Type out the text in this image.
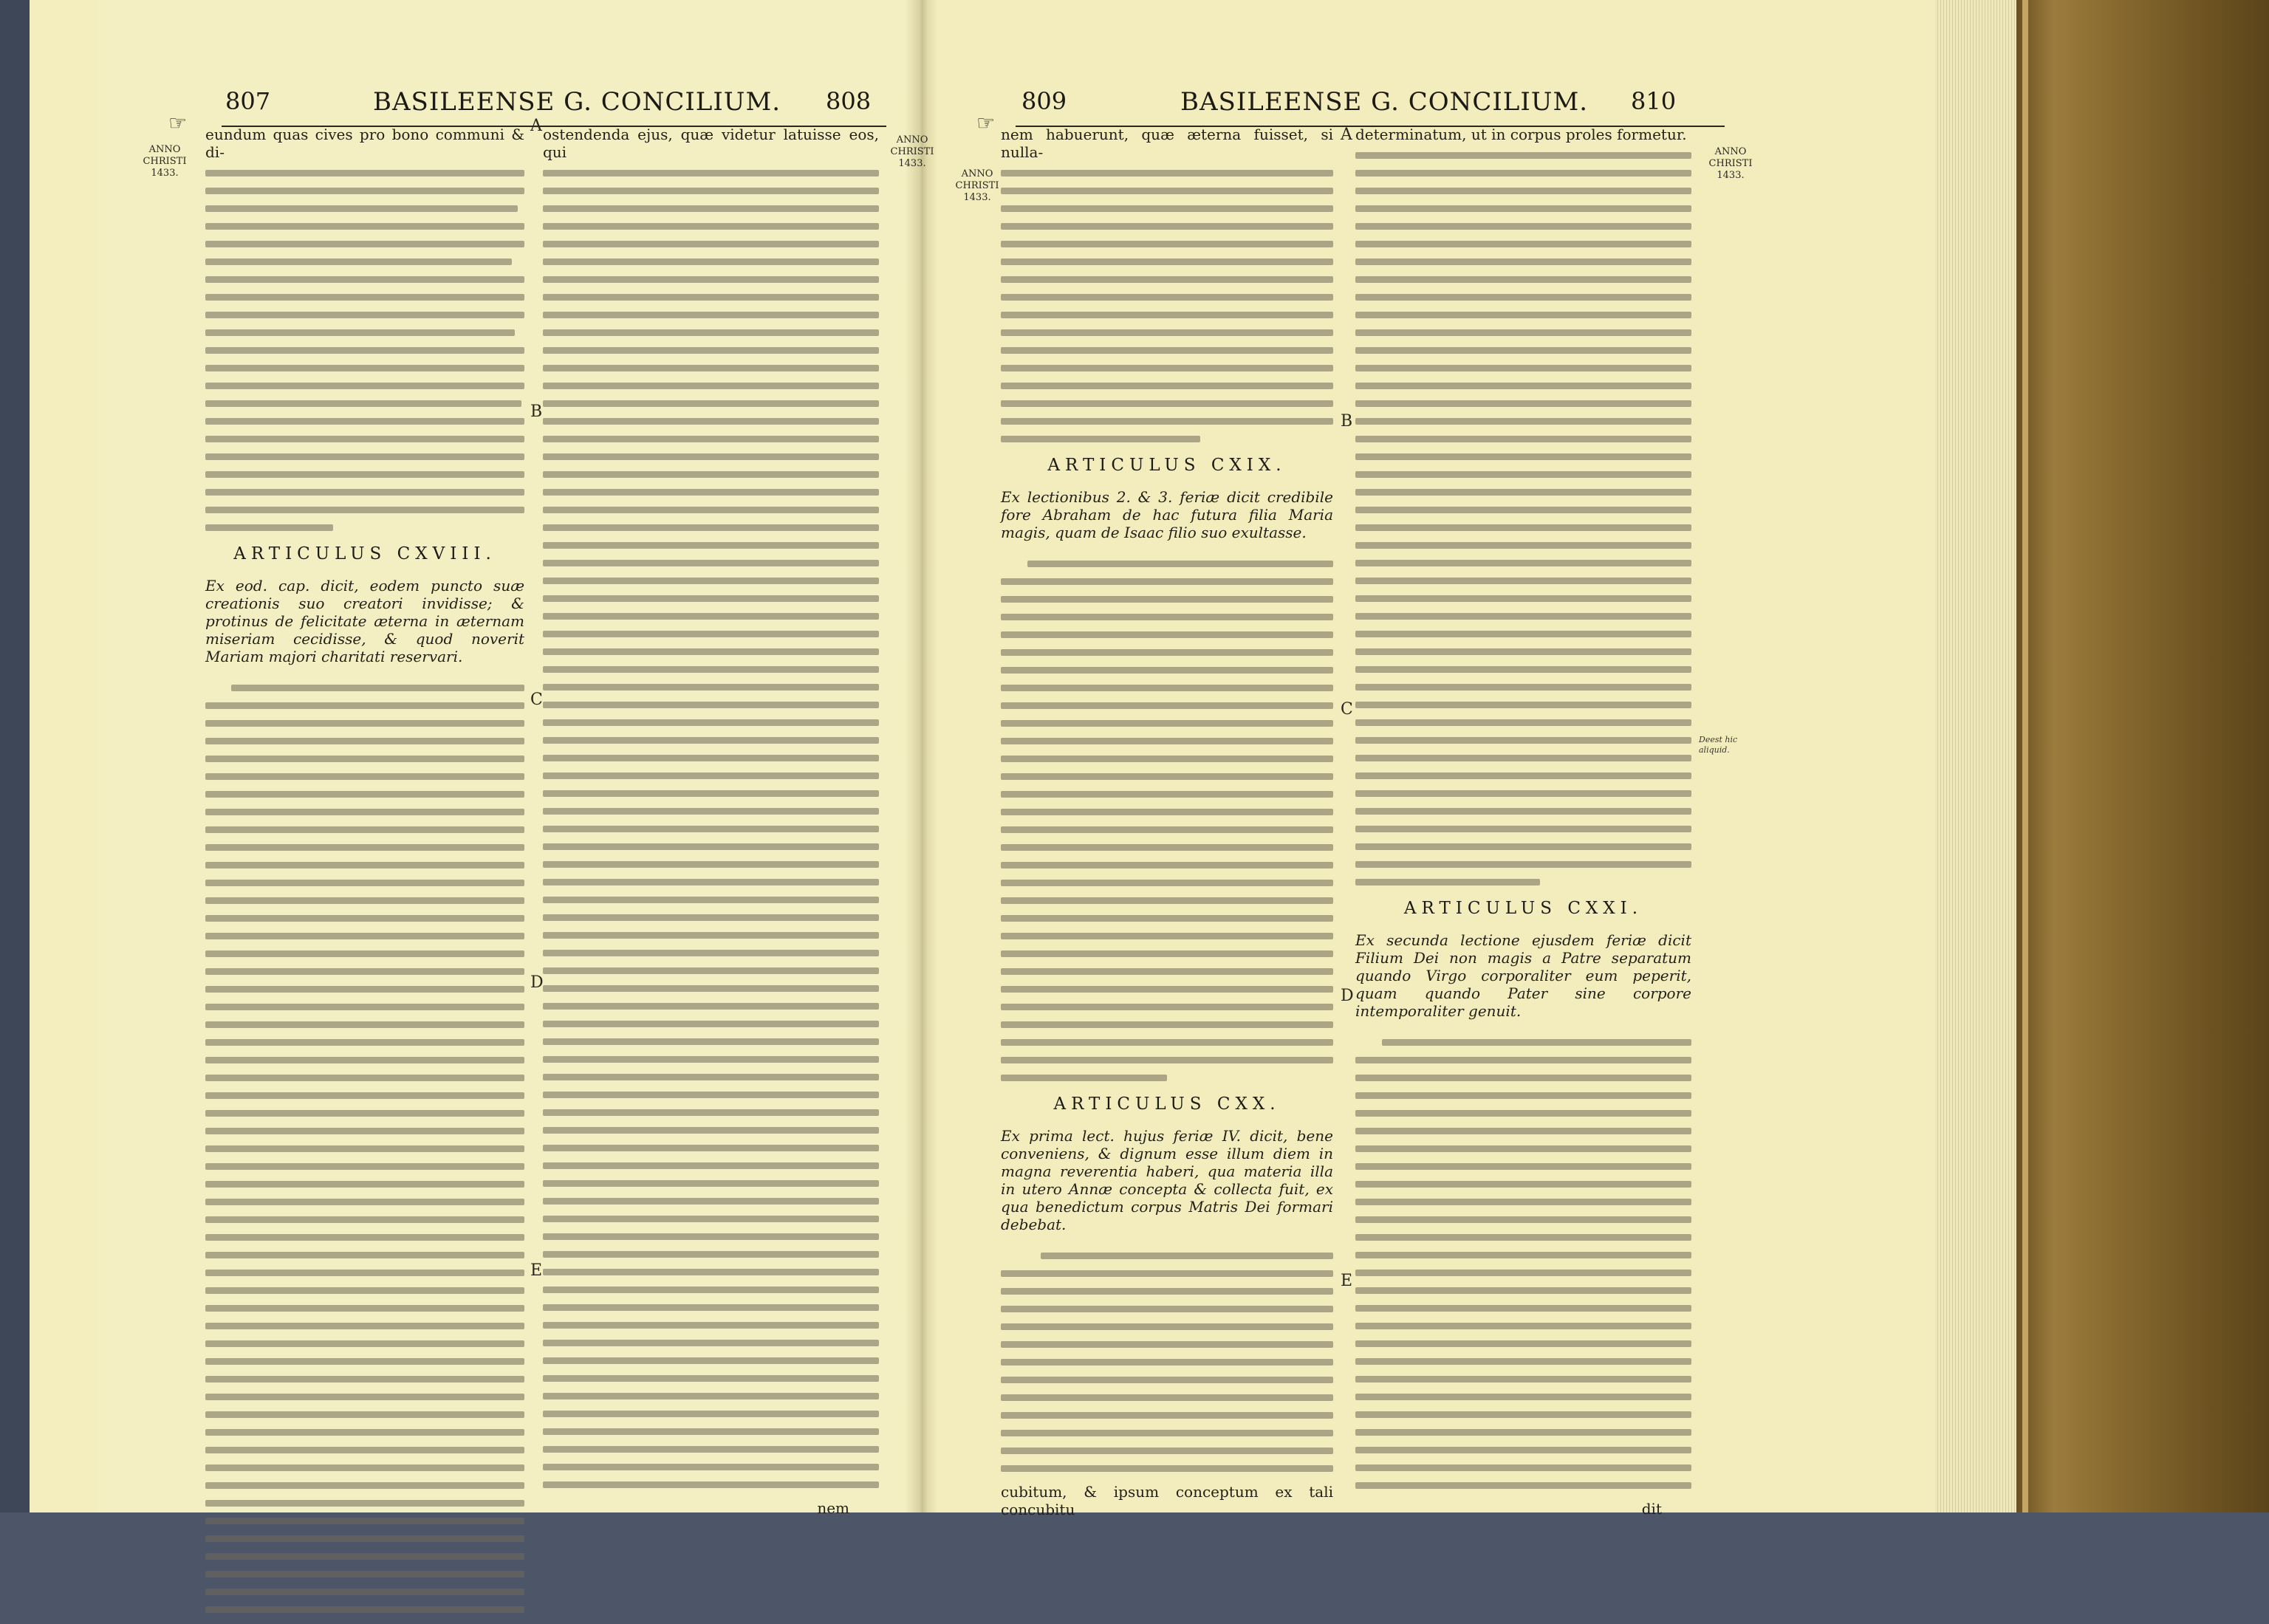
807	BASILEENSE G. CONCILIUM. 808
☞
ANNO CHRISTI 1433.
ANNO CHRISTI 1433.

eundum quas cives pro bono communi & di-

ARTICULUS CXVIII.

Ex eod. cap. dicit, eodem puncto suæ creationis suo creatori invidisse; & protinus de felicitate æterna in æternam miseriam cecidisse, & quod noverit Mariam majori charitati reservari.

ostendenda ejus, quæ videtur latuisse eos, qui

nem

A
B
C
D
E
809	BASILEENSE G. CONCILIUM. 810
☞
ANNO CHRISTI 1433.
ANNO CHRISTI 1433.

nem habuerunt, quæ æterna fuisset, si nulla-

ARTICULUS CXIX.

Ex lectionibus 2. & 3. feriæ dicit credibile fore Abraham de hac futura filia Maria magis, quam de Isaac filio suo exultasse.

ARTICULUS CXX.

Ex prima lect. hujus feriæ IV. dicit, bene conveniens, & dignum esse illum diem in magna reverentia haberi, qua materia illa in utero Annæ concepta & collecta fuit, ex qua benedictum corpus Matris Dei formari debebat.

cubitum, & ipsum conceptum ex tali concubitu

determinatum, ut in corpus proles formetur.

ARTICULUS CXXI.

Ex secunda lectione ejusdem feriæ dicit Filium Dei non magis a Patre separatum quando Virgo corporaliter eum peperit, quam quando Pater sine corpore intemporaliter genuit.

dit

A
B
C
D
E
Deest hic aliquid.
